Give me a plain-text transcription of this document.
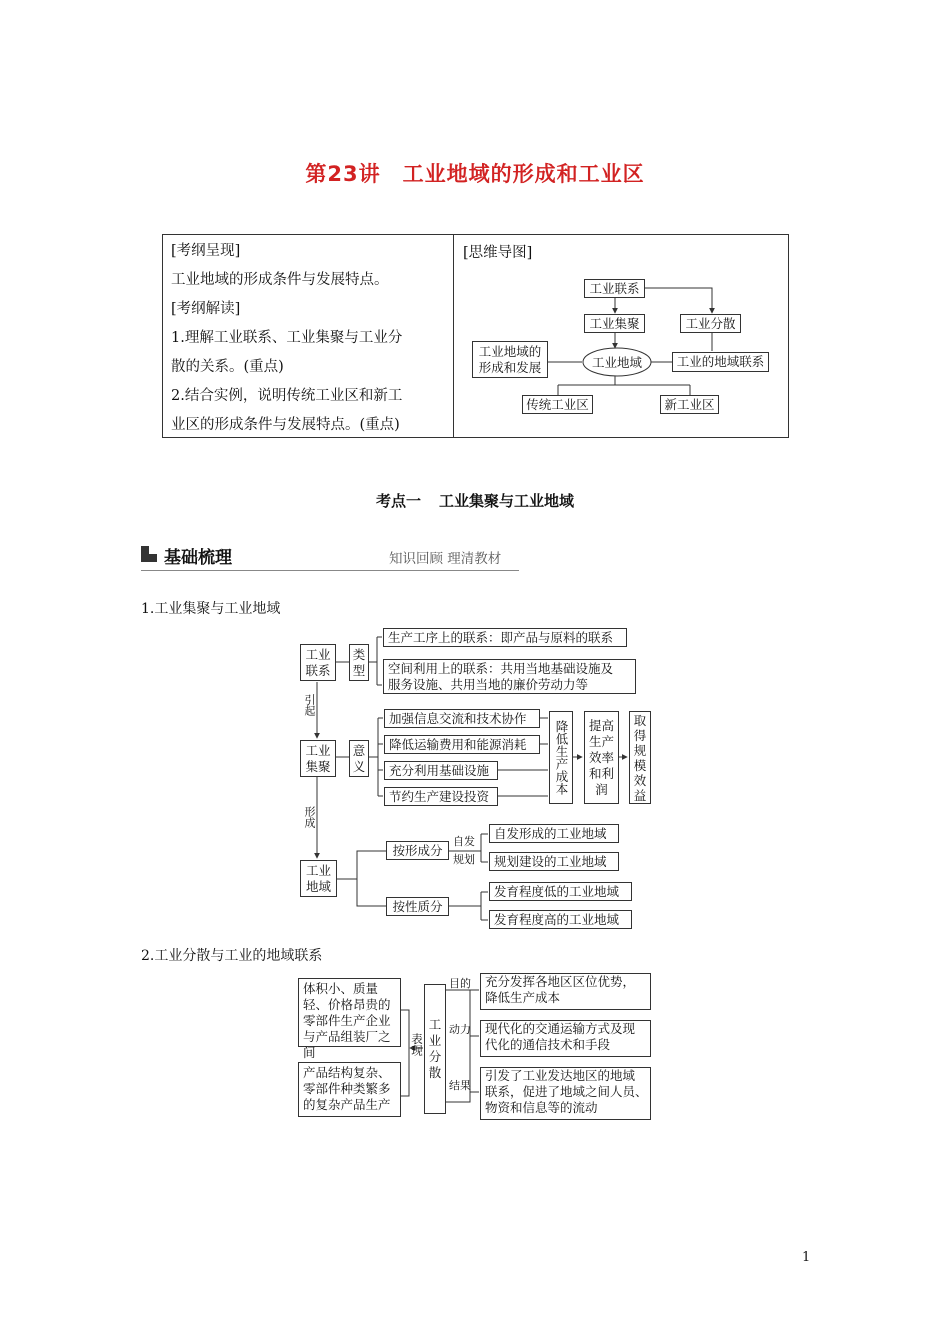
第23讲 工业地域的形成和工业区
[考纲呈现]
工业地域的形成条件与发展特点。
[考纲解读]
1.理解工业联系、工业集聚与工业分
散的关系。(重点)
2.结合实例，说明传统工业区和新工
业区的形成条件与发展特点。(重点)
[思维导图]
工业联系
工业集聚	工业分散
工业地域的
形成和发展	工业地域	工业的地域联系
传统工业区	新工业区
考点一 工业集聚与工业地域
基础梳理	知识回顾 理清教材
1.工业集聚与工业地域
工业联系
类型
生产工序上的联系：即产品与原料的联系
空间利用上的联系：共用当地基础设施及
服务设施、共用当地的廉价劳动力等
引起
工业集聚
意义
加强信息交流和技术协作
降低运输费用和能源消耗
充分利用基础设施
节约生产建设投资
降低生产成本	提高生产效率和利润
取得规模效益
形成
工业地域
按形成分
自发
规划
自发形成的工业地域
规划建设的工业地域
按性质分
发育程度低的工业地域
发育程度高的工业地域
2.工业分散与工业的地域联系
体积小、质量轻、价格昂贵的零部件生产企业与产品组装厂之间
产品结构复杂、零部件种类繁多的复杂产品生产
表现
工业分散
目的
动力
结果
充分发挥各地区区位优势，
降低生产成本
现代化的交通运输方式及现
代化的通信技术和手段
引发了工业发达地区的地域
联系，促进了地域之间人员、
物资和信息等的流动
1
